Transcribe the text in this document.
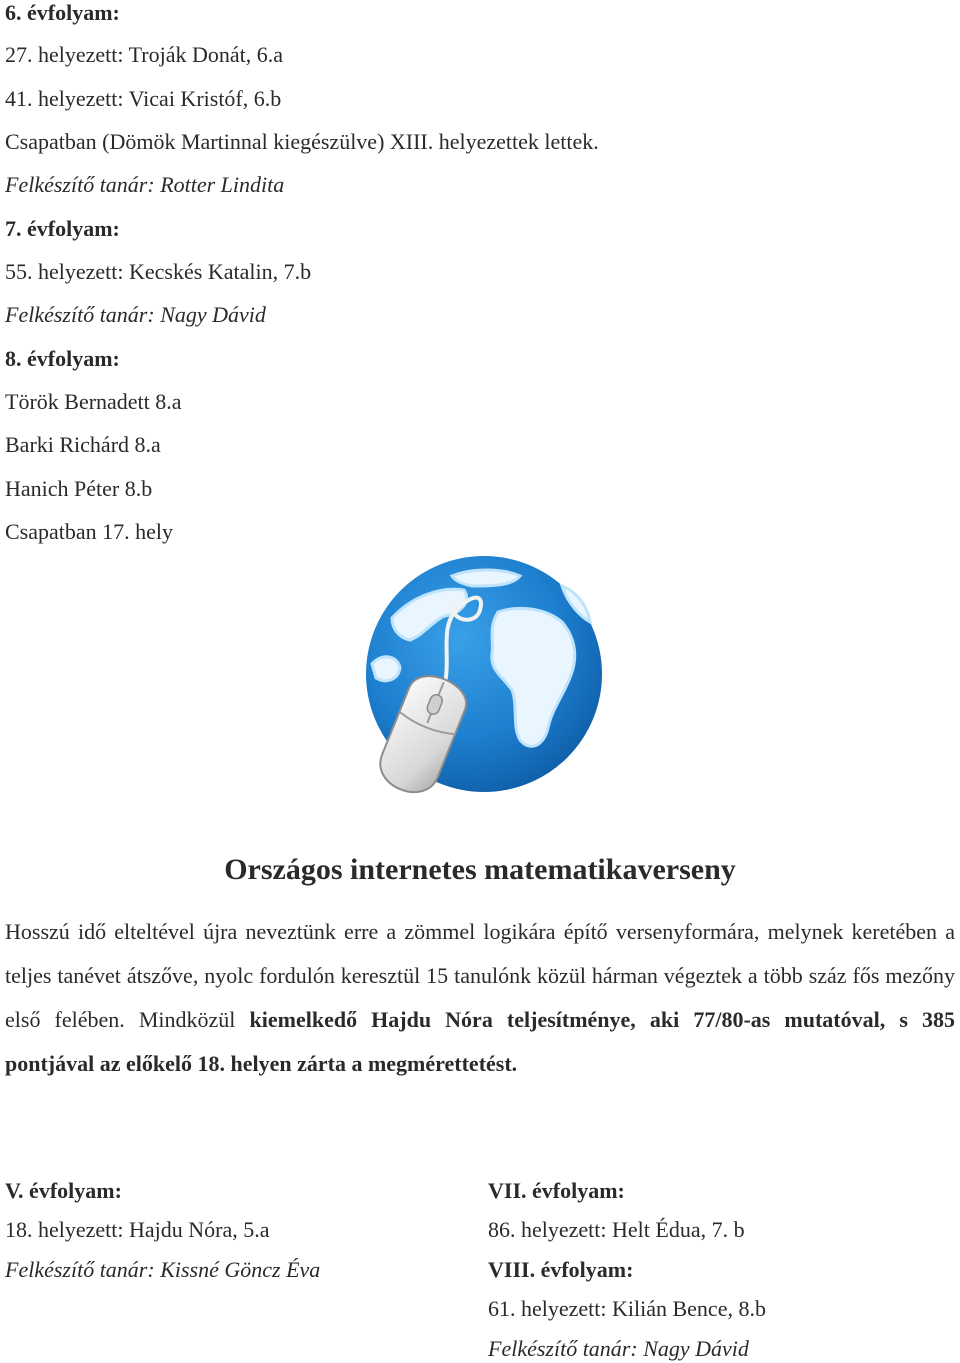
6. évfolyam:
27. helyezett: Troják Donát, 6.a
41. helyezett: Vicai Kristóf, 6.b
Csapatban (Dömök Martinnal kiegészülve) XIII. helyezettek lettek.
Felkészítő tanár: Rotter Lindita
7. évfolyam:
55. helyezett: Kecskés Katalin, 7.b
Felkészítő tanár: Nagy Dávid
8. évfolyam:
Török Bernadett 8.a
Barki Richárd 8.a
Hanich Péter 8.b
Csapatban 17. hely
Országos internetes matematikaverseny
Hosszú idő elteltével újra neveztünk erre a zömmel logikára építő versenyformára, melynek keretében a teljes tanévet átszőve, nyolc fordulón keresztül 15 tanulónk közül hárman végeztek a több száz fős mezőny első felében. Mindközül kiemelkedő Hajdu Nóra teljesítménye, aki 77/80-as mutatóval, s 385 pontjával az előkelő 18. helyen zárta a megmérettetést.
V. évfolyam:
18. helyezett: Hajdu Nóra, 5.a
Felkészítő tanár: Kissné Göncz Éva
VII. évfolyam:
86. helyezett: Helt Édua, 7. b
VIII. évfolyam:
61. helyezett: Kilián Bence, 8.b
Felkészítő tanár: Nagy Dávid
